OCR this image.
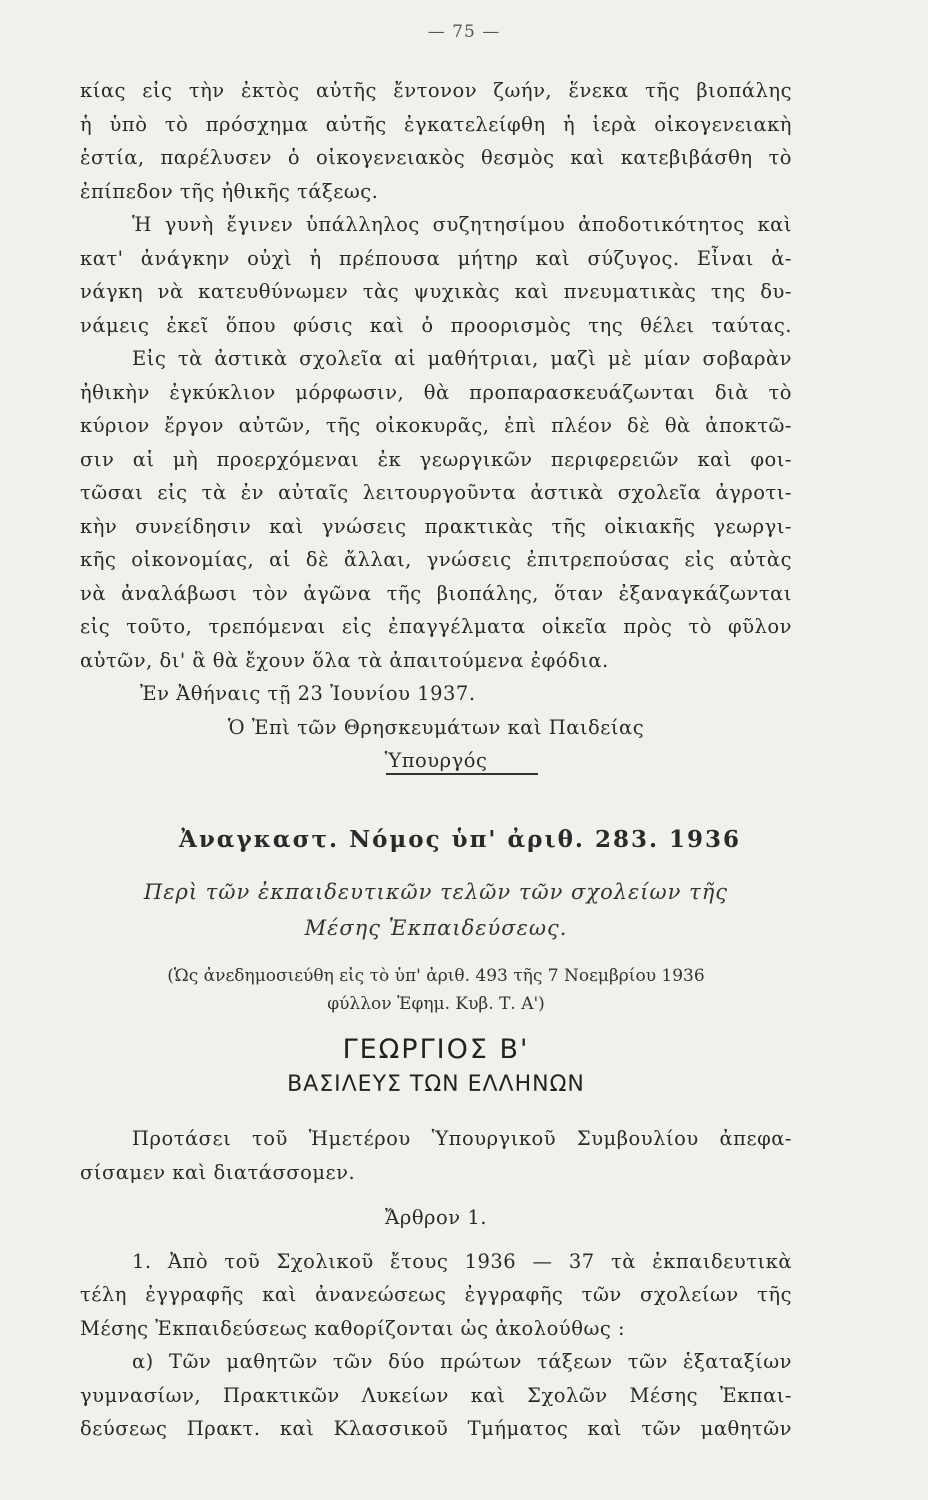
— 75 —
κίας εἰς τὴν ἐκτὸς αὐτῆς ἔντονον ζωήν, ἕνεκα τῆς βιοπάλης
ἡ ὑπὸ τὸ πρόσχημα αὐτῆς ἐγκατελείφθη ἡ ἱερὰ οἰκογενειακὴ
ἑστία, παρέλυσεν ὁ οἰκογενειακὸς θεσμὸς καὶ κατεβιβάσθη τὸ
ἐπίπεδον τῆς ἠθικῆς τάξεως.
Ἡ γυνὴ ἔγινεν ὑπάλληλος συζητησίμου ἀποδοτικότητος καὶ
κατ' ἀνάγκην οὐχὶ ἡ πρέπουσα μήτηρ καὶ σύζυγος. Εἶναι ἀ-
νάγκη νὰ κατευθύνωμεν τὰς ψυχικὰς καὶ πνευματικὰς της δυ-
νάμεις ἐκεῖ ὅπου φύσις καὶ ὁ προορισμὸς της θέλει ταύτας.
Εἰς τὰ ἀστικὰ σχολεῖα αἱ μαθήτριαι, μαζὶ μὲ μίαν σοβαρὰν
ἠθικὴν ἐγκύκλιον μόρφωσιν, θὰ προπαρασκευάζωνται διὰ τὸ
κύριον ἔργον αὐτῶν, τῆς οἰκοκυρᾶς, ἐπὶ πλέον δὲ θὰ ἀποκτῶ-
σιν αἱ μὴ προερχόμεναι ἐκ γεωργικῶν περιφερειῶν καὶ φοι-
τῶσαι εἰς τὰ ἐν αὐταῖς λειτουργοῦντα ἀστικὰ σχολεῖα ἀγροτι-
κὴν συνείδησιν καὶ γνώσεις πρακτικὰς τῆς οἰκιακῆς γεωργι-
κῆς οἰκονομίας, αἱ δὲ ἄλλαι, γνώσεις ἐπιτρεπούσας εἰς αὐτὰς
νὰ ἀναλάβωσι τὸν ἀγῶνα τῆς βιοπάλης, ὅταν ἐξαναγκάζωνται
εἰς τοῦτο, τρεπόμεναι εἰς ἐπαγγέλματα οἰκεῖα πρὸς τὸ φῦλον
αὐτῶν, δι' ἃ θὰ ἔχουν ὅλα τὰ ἀπαιτούμενα ἐφόδια.
Ἐν Ἀθήναις τῇ 23 Ἰουνίου 1937.
Ὁ Ἐπὶ τῶν Θρησκευμάτων καὶ Παιδείας
Ὑπουργός
Ἀναγκαστ. Νόμος ὑπ' ἀριθ. 283. 1936
Περὶ τῶν ἐκπαιδευτικῶν τελῶν τῶν σχολείων τῆς
Μέσης Ἐκπαιδεύσεως.
(Ὡς ἀνεδημοσιεύθη εἰς τὸ ὑπ' ἀριθ. 493 τῆς 7 Νοεμβρίου 1936
φύλλον Ἐφημ. Κυβ. Τ. Α')
ΓΕΩΡΓΙΟΣ Β'
ΒΑΣΙΛΕΥΣ ΤΩΝ ΕΛΛΗΝΩΝ
Προτάσει τοῦ Ἡμετέρου Ὑπουργικοῦ Συμβουλίου ἀπεφα-
σίσαμεν καὶ διατάσσομεν.
Ἄρθρον 1.
1. Ἀπὸ τοῦ Σχολικοῦ ἔτους 1936 — 37 τὰ ἐκπαιδευτικὰ
τέλη ἐγγραφῆς καὶ ἀνανεώσεως ἐγγραφῆς τῶν σχολείων τῆς
Μέσης Ἐκπαιδεύσεως καθορίζονται ὡς ἀκολούθως :
α) Τῶν μαθητῶν τῶν δύο πρώτων τάξεων τῶν ἑξαταξίων
γυμνασίων, Πρακτικῶν Λυκείων καὶ Σχολῶν Μέσης Ἐκπαι-
δεύσεως Πρακτ. καὶ Κλασσικοῦ Τμήματος καὶ τῶν μαθητῶν
